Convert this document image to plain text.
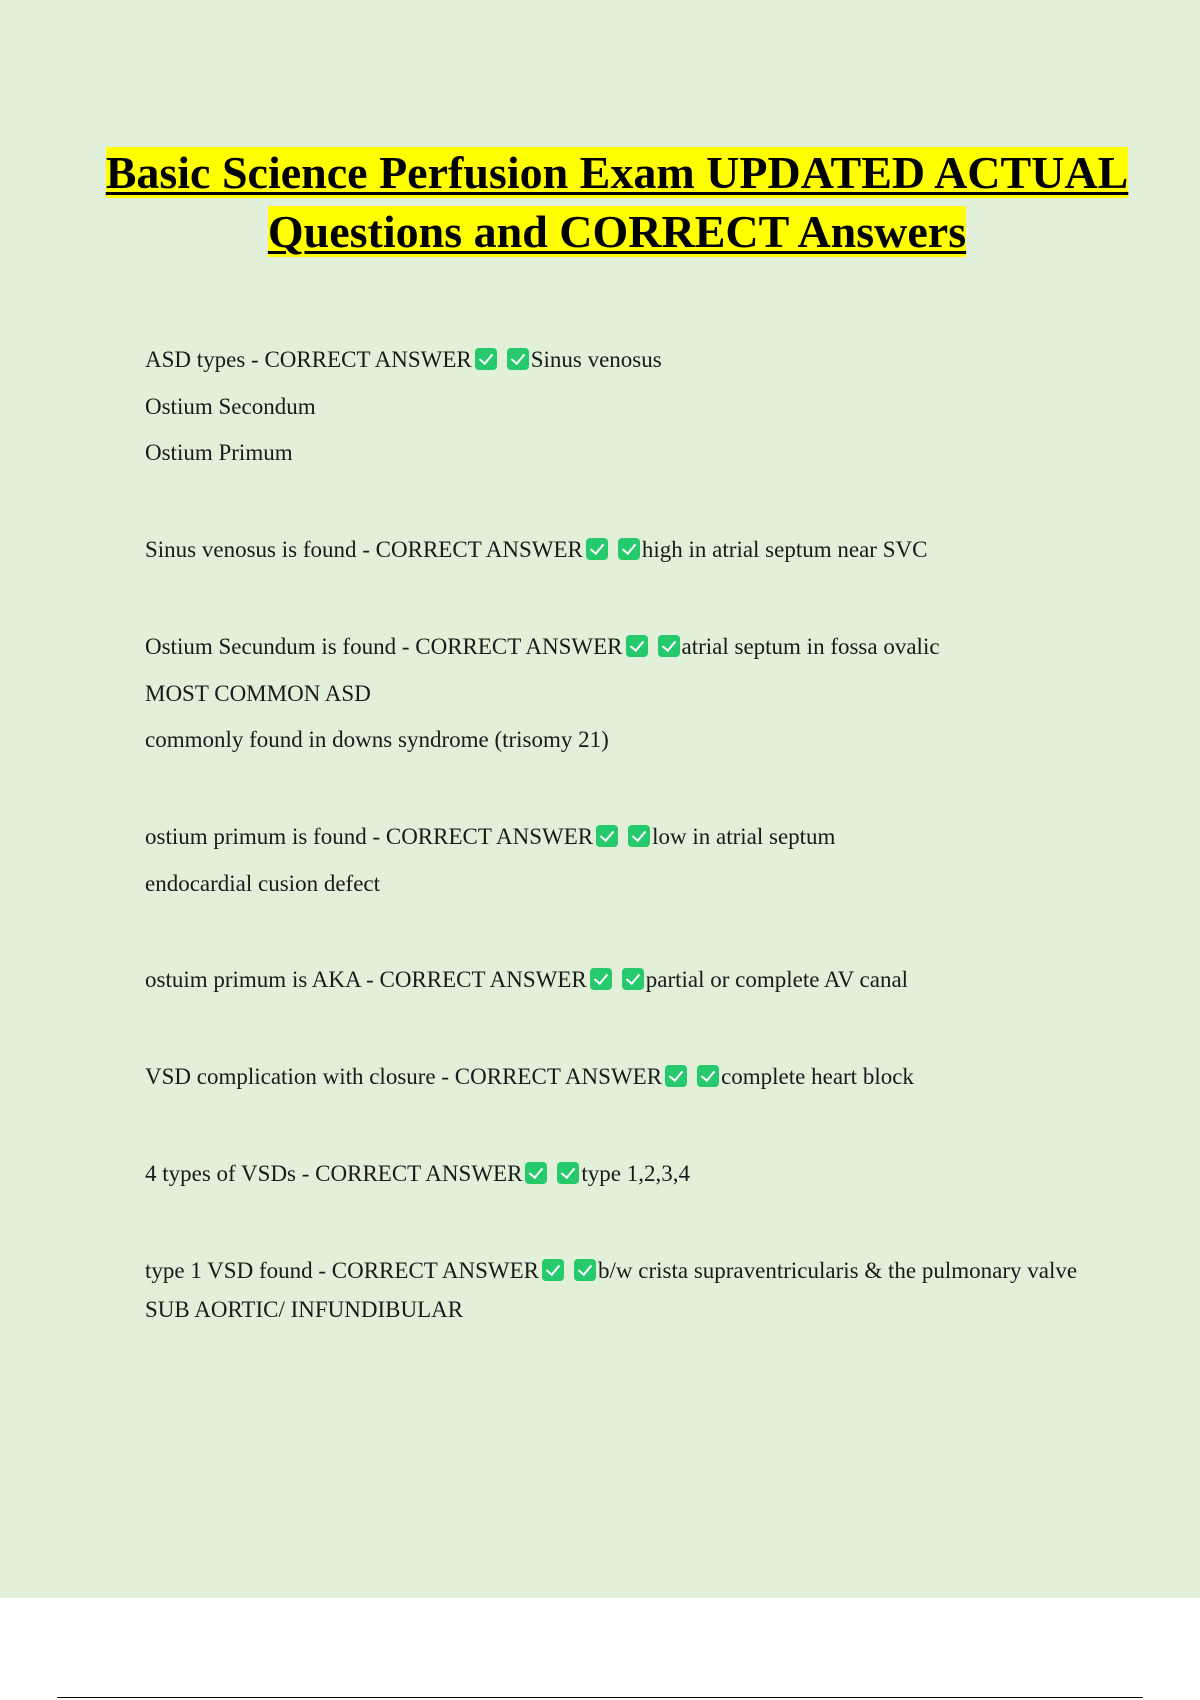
Basic Science Perfusion Exam UPDATED ACTUAL Questions and CORRECT Answers
ASD types - CORRECT ANSWER	Sinus venosus
Ostium Secondum
Ostium Primum
Sinus venosus is found - CORRECT ANSWER	high in atrial septum near SVC
Ostium Secundum is found - CORRECT ANSWER	atrial septum in fossa ovalic
MOST COMMON ASD
commonly found in downs syndrome (trisomy 21)
ostium primum is found - CORRECT ANSWER	low in atrial septum
endocardial cusion defect
ostuim primum is AKA - CORRECT ANSWER	partial or complete AV canal
VSD complication with closure - CORRECT ANSWER	complete heart block
4 types of VSDs - CORRECT ANSWER	type 1,2,3,4
type 1 VSD found - CORRECT ANSWER	b/w crista supraventricularis & the pulmonary valve
SUB AORTIC/ INFUNDIBULAR
